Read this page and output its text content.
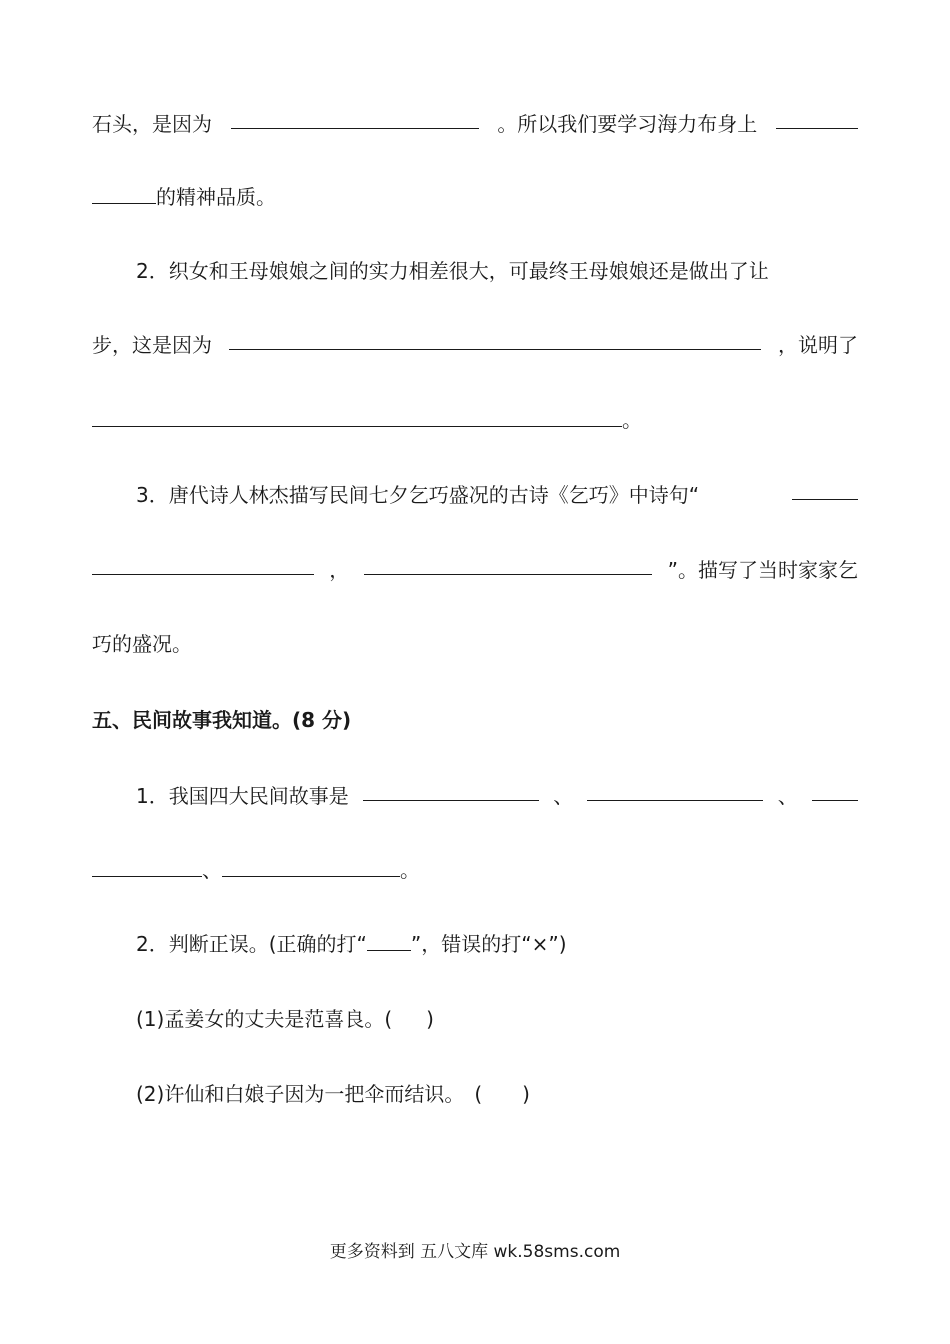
石头，是因为	。所以我们要学习海力布身上
的精神品质。
2．织女和王母娘娘之间的实力相差很大，可最终王母娘娘还是做出了让
步，这是因为	，说明了
。
3．唐代诗人林杰描写民间七夕乞巧盛况的古诗《乞巧》中诗句“
，	”。描写了当时家家乞
巧的盛况。
五、民间故事我知道。(8 分)
1．我国四大民间故事是	、	、
、	。
2．判断正误。(正确的打“ ”，错误的打“×”)
(1)孟姜女的丈夫是范喜良。( )
(2)许仙和白娘子因为一把伞而结识。　( )
更多资料到 五八文库 wk.58sms.com
